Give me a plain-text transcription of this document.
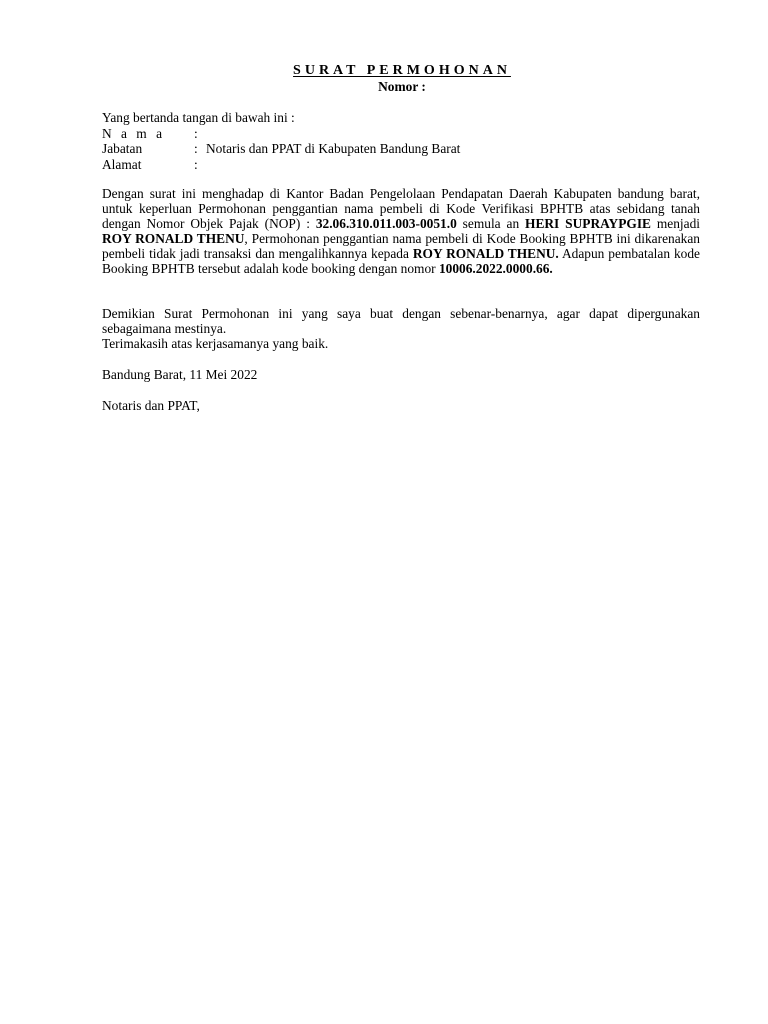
SURAT PERMOHONAN
Nomor :
Yang bertanda tangan di bawah ini :
N a m a	:
Jabatan	: Notaris dan PPAT di Kabupaten Bandung Barat
Alamat	:
Dengan surat ini menghadap di Kantor Badan Pengelolaan Pendapatan Daerah Kabupaten bandung barat, untuk keperluan Permohonan penggantian nama pembeli di Kode Verifikasi BPHTB atas sebidang tanah dengan Nomor Objek Pajak (NOP) : 32.06.310.011.003-0051.0 semula an HERI SUPRAYPGIE menjadi ROY RONALD THENU, Permohonan penggantian nama pembeli di Kode Booking BPHTB ini dikarenakan pembeli tidak jadi transaksi dan mengalihkannya kepada ROY RONALD THENU. Adapun pembatalan kode Booking BPHTB tersebut adalah kode booking dengan nomor 10006.2022.0000.66.
Demikian Surat Permohonan ini yang saya buat dengan sebenar-benarnya, agar dapat dipergunakan sebagaimana mestinya.
Terimakasih atas kerjasamanya yang baik.
Bandung Barat, 11 Mei 2022
Notaris dan PPAT,
